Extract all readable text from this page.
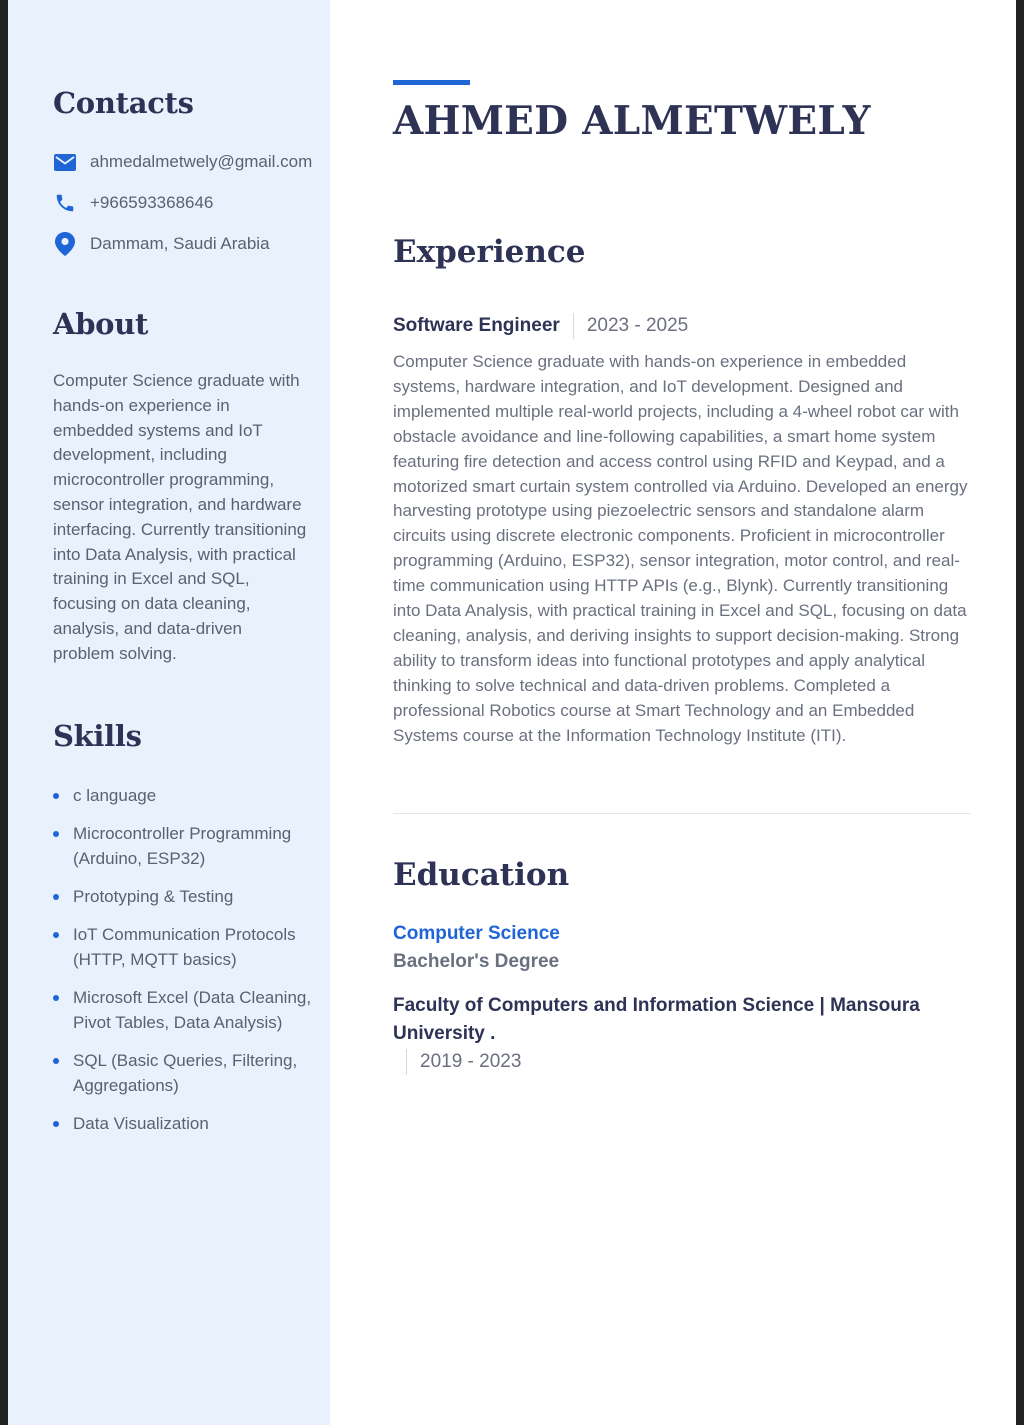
Contacts
ahmedalmetwely@gmail.com
+966593368646
Dammam, Saudi Arabia
About

Computer Science graduate with hands-on experience in embedded systems and IoT development, including microcontroller programming, sensor integration, and hardware interfacing. Currently transitioning into Data Analysis, with practical training in Excel and SQL, focusing on data cleaning, analysis, and data-driven problem solving.

Skills
c language
Microcontroller Programming (Arduino, ESP32)
Prototyping & Testing
IoT Communication Protocols (HTTP, MQTT basics)
Microsoft Excel (Data Cleaning, Pivot Tables, Data Analysis)
SQL (Basic Queries, Filtering, Aggregations)
Data Visualization
AHMED ALMETWELY
Experience
Software Engineer 2023 - 2025

Computer Science graduate with hands-on experience in embedded systems, hardware integration, and IoT development. Designed and implemented multiple real-world projects, including a 4-wheel robot car with obstacle avoidance and line-following capabilities, a smart home system featuring fire detection and access control using RFID and Keypad, and a motorized smart curtain system controlled via Arduino. Developed an energy harvesting prototype using piezoelectric sensors and standalone alarm circuits using discrete electronic components. Proficient in microcontroller programming (Arduino, ESP32), sensor integration, motor control, and real-time communication using HTTP APIs (e.g., Blynk). Currently transitioning into Data Analysis, with practical training in Excel and SQL, focusing on data cleaning, analysis, and deriving insights to support decision-making. Strong ability to transform ideas into functional prototypes and apply analytical thinking to solve technical and data-driven problems. Completed a professional Robotics course at Smart Technology and an Embedded Systems course at the Information Technology Institute (ITI).

Education

Computer Science

Bachelor's Degree

Faculty of Computers and Information Science | Mansoura University .

2019 - 2023
